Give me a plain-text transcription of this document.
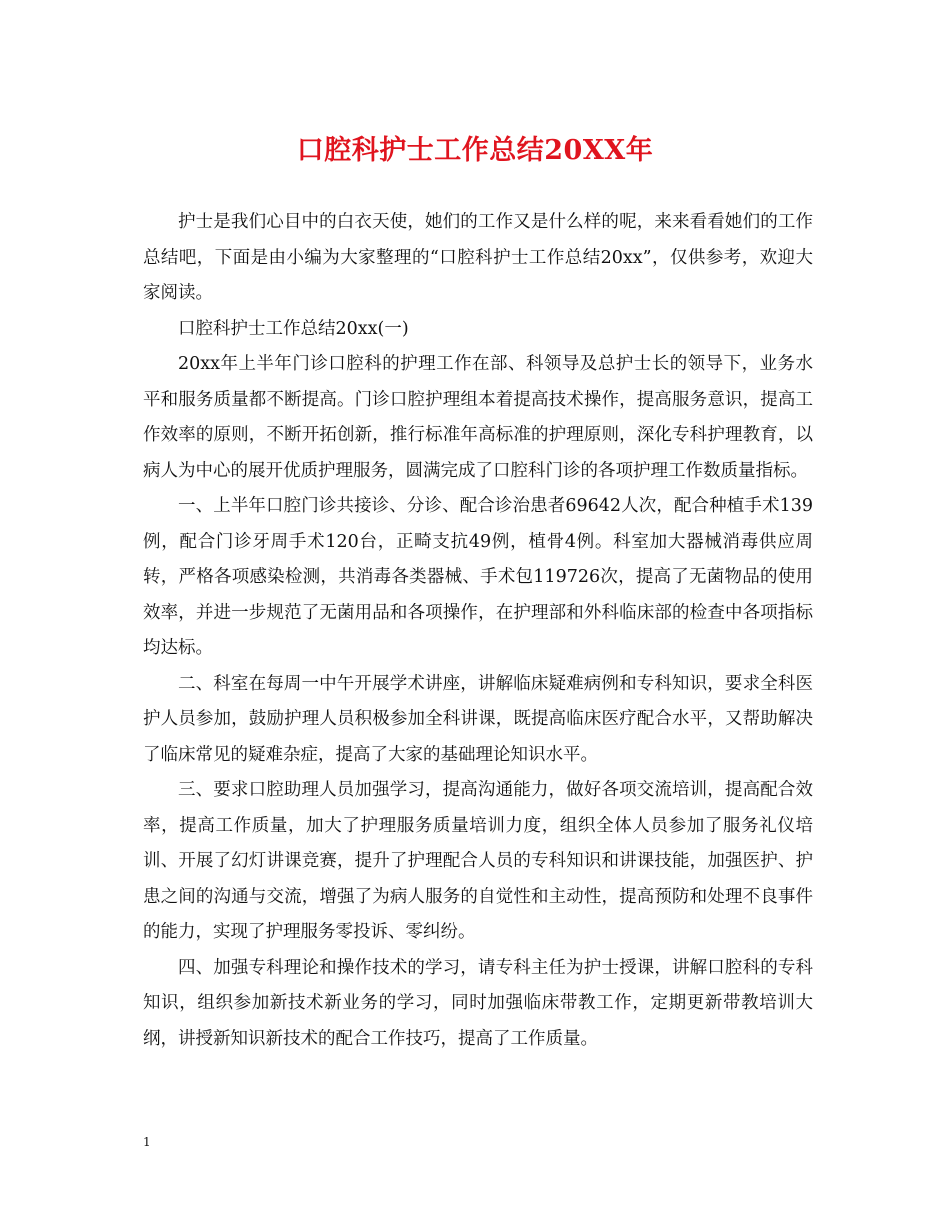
口腔科护士工作总结20XX年

护士是我们心目中的白衣天使，她们的工作又是什么样的呢，来来看看她们的工作总结吧，下面是由小编为大家整理的“口腔科护士工作总结20xx”，仅供参考，欢迎大家阅读。

口腔科护士工作总结20xx(一)

20xx年上半年门诊口腔科的护理工作在部、科领导及总护士长的领导下，业务水平和服务质量都不断提高。门诊口腔护理组本着提高技术操作，提高服务意识，提高工作效率的原则，不断开拓创新，推行标准年高标准的护理原则，深化专科护理教育，以病人为中心的展开优质护理服务，圆满完成了口腔科门诊的各项护理工作数质量指标。

一、上半年口腔门诊共接诊、分诊、配合诊治患者69642人次，配合种植手术139例，配合门诊牙周手术120台，正畸支抗49例，植骨4例。科室加大器械消毒供应周转，严格各项感染检测，共消毒各类器械、手术包119726次，提高了无菌物品的使用效率，并进一步规范了无菌用品和各项操作，在护理部和外科临床部的检查中各项指标均达标。

二、科室在每周一中午开展学术讲座，讲解临床疑难病例和专科知识，要求全科医护人员参加，鼓励护理人员积极参加全科讲课，既提高临床医疗配合水平，又帮助解决了临床常见的疑难杂症，提高了大家的基础理论知识水平。

三、要求口腔助理人员加强学习，提高沟通能力，做好各项交流培训，提高配合效率，提高工作质量，加大了护理服务质量培训力度，组织全体人员参加了服务礼仪培训、开展了幻灯讲课竞赛，提升了护理配合人员的专科知识和讲课技能，加强医护、护患之间的沟通与交流，增强了为病人服务的自觉性和主动性，提高预防和处理不良事件的能力，实现了护理服务零投诉、零纠纷。

四、加强专科理论和操作技术的学习，请专科主任为护士授课，讲解口腔科的专科知识，组织参加新技术新业务的学习，同时加强临床带教工作，定期更新带教培训大纲，讲授新知识新技术的配合工作技巧，提高了工作质量。

1
